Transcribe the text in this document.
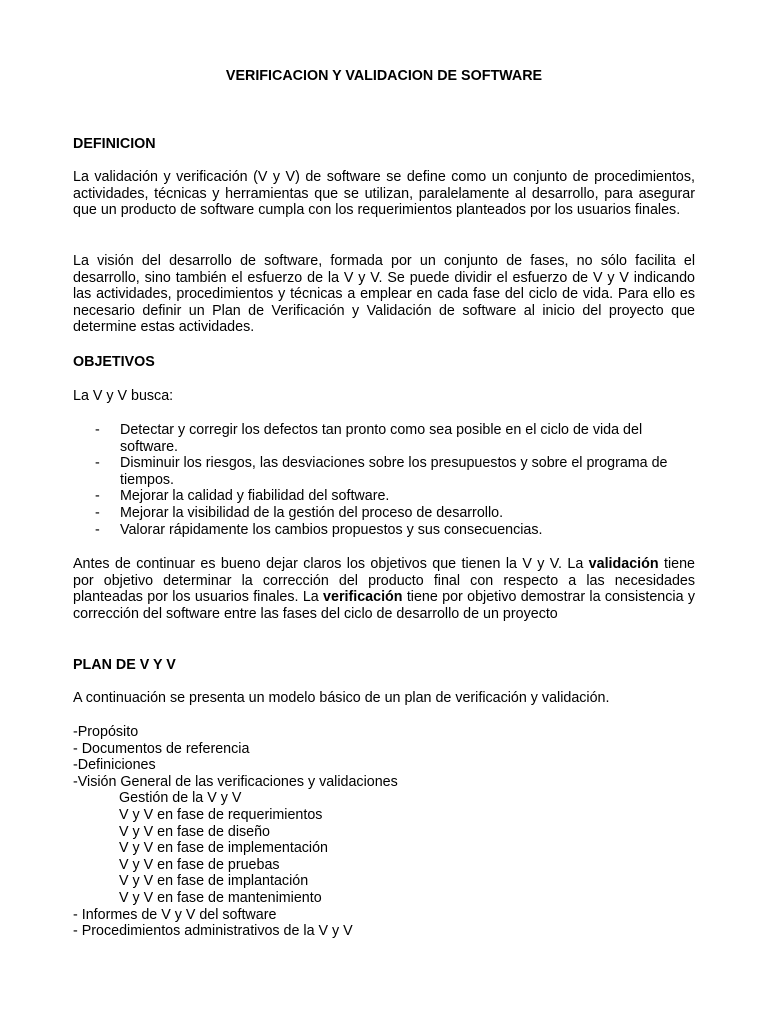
VERIFICACION Y VALIDACION DE SOFTWARE
DEFINICION

La validación y verificación (V y V) de software se define como un conjunto de procedimientos, actividades, técnicas y herramientas que se utilizan, paralelamente al desarrollo, para asegurar que un producto de software cumpla con los requerimientos planteados por los usuarios finales.

La visión del desarrollo de software, formada por un conjunto de fases, no sólo facilita el desarrollo, sino también el esfuerzo de la V y V. Se puede dividir el esfuerzo de V y V indicando las actividades, procedimientos y técnicas a emplear en cada fase del ciclo de vida. Para ello es necesario definir un Plan de Verificación y Validación de software al inicio del proyecto que determine estas actividades.

OBJETIVOS
La V y V busca:
- Detectar y corregir los defectos tan pronto como sea posible en el ciclo de vida del software.
- Disminuir los riesgos, las desviaciones sobre los presupuestos y sobre el programa de tiempos.
- Mejorar la calidad y fiabilidad del software.
- Mejorar la visibilidad de la gestión del proceso de desarrollo.
- Valorar rápidamente los cambios propuestos y sus consecuencias.

Antes de continuar es bueno dejar claros los objetivos que tienen la V y V. La validación tiene por objetivo determinar la corrección del producto final con respecto a las necesidades planteadas por los usuarios finales. La verificación tiene por objetivo demostrar la consistencia y corrección del software entre las fases del ciclo de desarrollo de un proyecto

PLAN DE V Y V
A continuación se presenta un modelo básico de un plan de verificación y validación.
-Propósito
- Documentos de referencia
-Definiciones
-Visión General de las verificaciones y validaciones
Gestión de la V y V
V y V en fase de requerimientos
V y V en fase de diseño
V y V en fase de implementación
V y V en fase de pruebas
V y V en fase de implantación
V y V en fase de mantenimiento
- Informes de V y V del software
- Procedimientos administrativos de la V y V
